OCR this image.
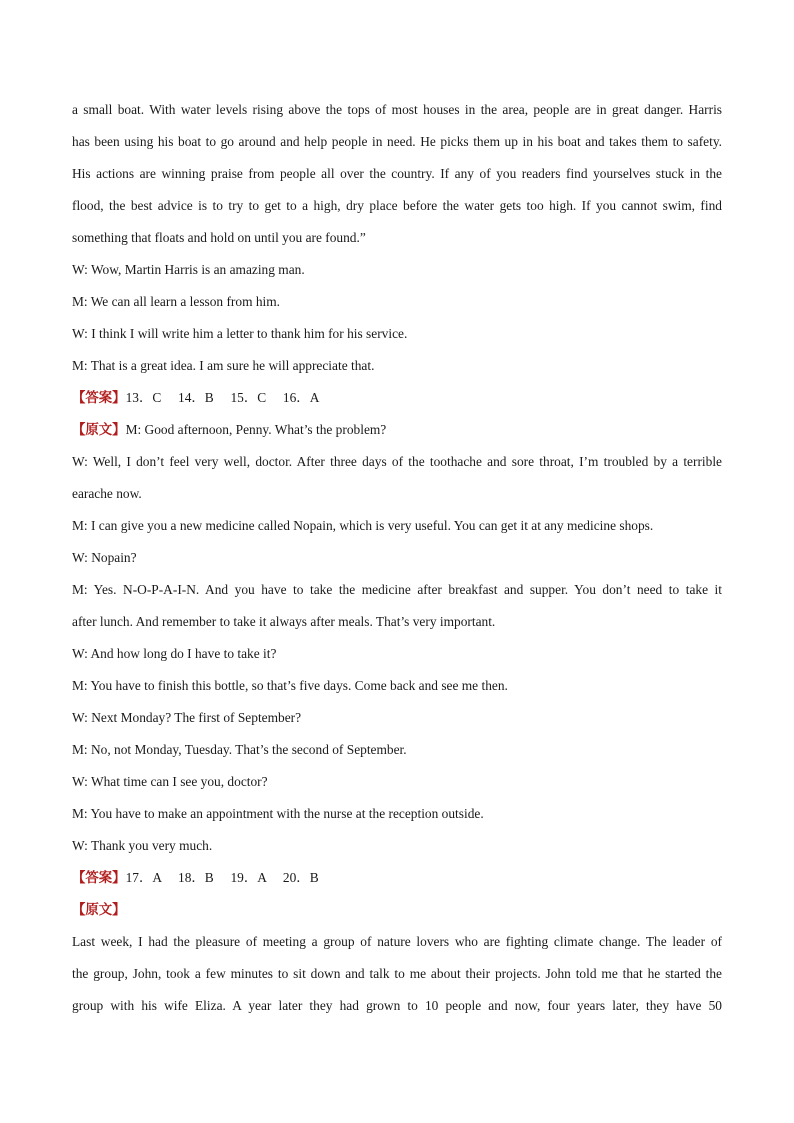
a small boat. With water levels rising above the tops of most houses in the area, people are in great danger. Harris
has been using his boat to go around and help people in need. He picks them up in his boat and takes them to safety.
His actions are winning praise from people all over the country. If any of you readers find yourselves stuck in the
flood, the best advice is to try to get to a high, dry place before the water gets too high. If you cannot swim, find
something that floats and hold on until you are found.”
W: Wow, Martin Harris is an amazing man.
M: We can all learn a lesson from him.
W: I think I will write him a letter to thank him for his service.
M: That is a great idea. I am sure he will appreciate that.
【答案】13．C　 14．B　 15．C　 16．A
【原文】M: Good afternoon, Penny. What’s the problem?
W: Well, I don’t feel very well, doctor. After three days of the toothache and sore throat, I’m troubled by a terrible
earache now.
M: I can give you a new medicine called Nopain, which is very useful. You can get it at any medicine shops.
W: Nopain?
M: Yes. N-O-P-A-I-N. And you have to take the medicine after breakfast and supper. You don’t need to take it
after lunch. And remember to take it always after meals. That’s very important.
W: And how long do I have to take it?
M: You have to finish this bottle, so that’s five days. Come back and see me then.
W: Next Monday? The first of September?
M: No, not Monday, Tuesday. That’s the second of September.
W: What time can I see you, doctor?
M: You have to make an appointment with the nurse at the reception outside.
W: Thank you very much.
【答案】17．A　 18．B　 19．A　 20．B
【原文】
Last week, I had the pleasure of meeting a group of nature lovers who are fighting climate change. The leader of
the group, John, took a few minutes to sit down and talk to me about their projects. John told me that he started the
group with his wife Eliza. A year later they had grown to 10 people and now, four years later, they have 50
